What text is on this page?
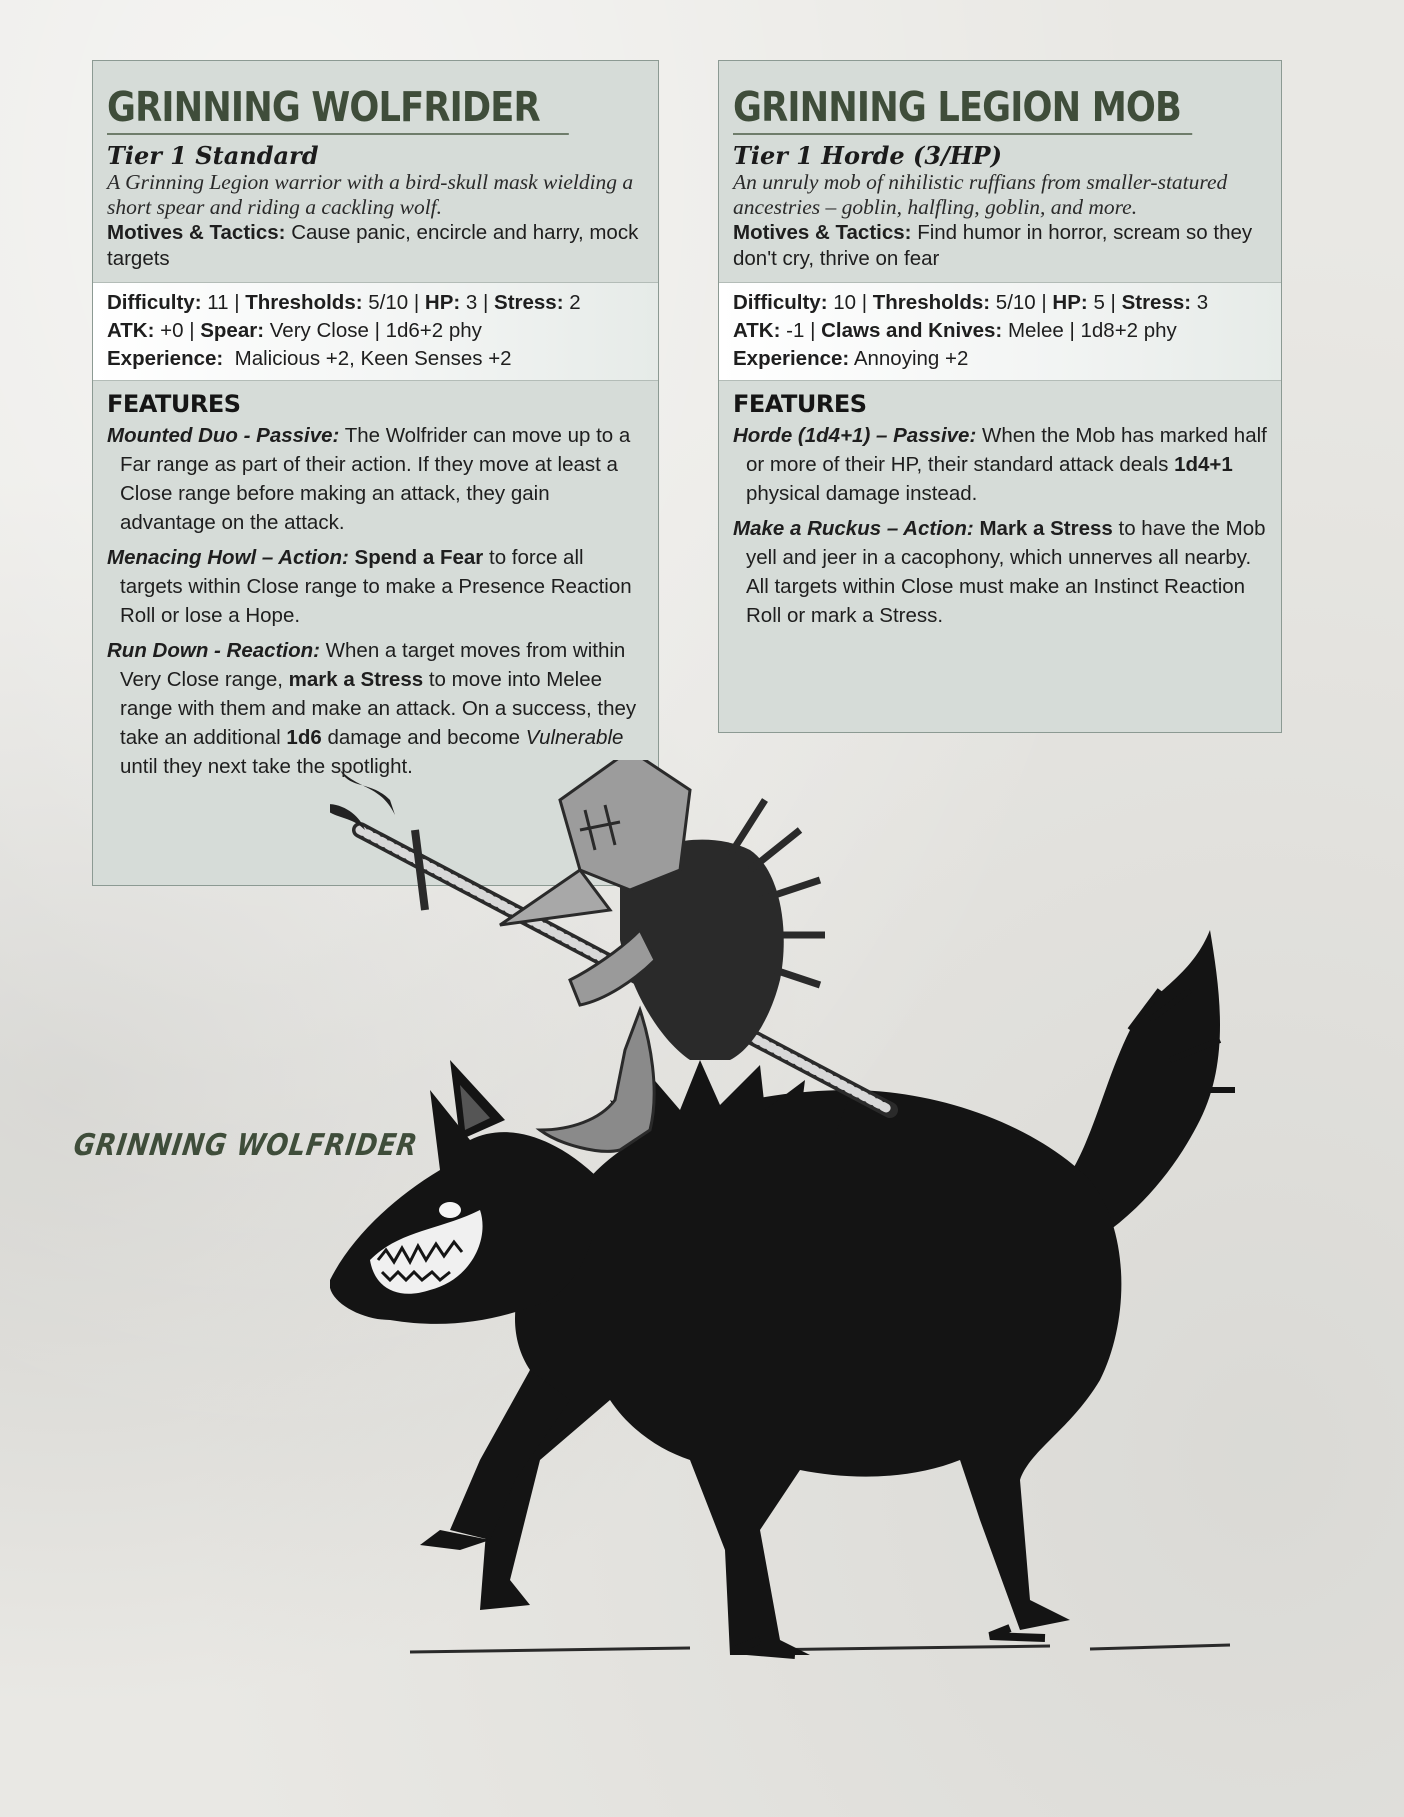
GRINNING WOLFRIDER
Tier 1 Standard
A Grinning Legion warrior with a bird-skull mask wielding a short spear and riding a cackling wolf.
Motives & Tactics: Cause panic, encircle and harry, mock targets
Difficulty: 11 | Thresholds: 5/10 | HP: 3 | Stress: 2
ATK: +0 | Spear: Very Close | 1d6+2 phy
Experience: Malicious +2, Keen Senses +2
FEATURES
Mounted Duo - Passive: The Wolfrider can move up to a Far range as part of their action. If they move at least a Close range before making an attack, they gain advantage on the attack.
Menacing Howl – Action: Spend a Fear to force all targets within Close range to make a Presence Reaction Roll or lose a Hope.
Run Down - Reaction: When a target moves from within Very Close range, mark a Stress to move into Melee range with them and make an attack. On a success, they take an additional 1d6 damage and become Vulnerable until they next take the spotlight.
GRINNING LEGION MOB
Tier 1 Horde (3/HP)
An unruly mob of nihilistic ruffians from smaller-statured ancestries – goblin, halfling, goblin, and more.
Motives & Tactics: Find humor in horror, scream so they don't cry, thrive on fear
Difficulty: 10 | Thresholds: 5/10 | HP: 5 | Stress: 3
ATK: -1 | Claws and Knives: Melee | 1d8+2 phy
Experience: Annoying +2
FEATURES
Horde (1d4+1) – Passive: When the Mob has marked half or more of their HP, their standard attack deals 1d4+1 physical damage instead.
Make a Ruckus – Action: Mark a Stress to have the Mob yell and jeer in a cacophony, which unnerves all nearby. All targets within Close must make an Instinct Reaction Roll or mark a Stress.
GRINNING WOLFRIDER
